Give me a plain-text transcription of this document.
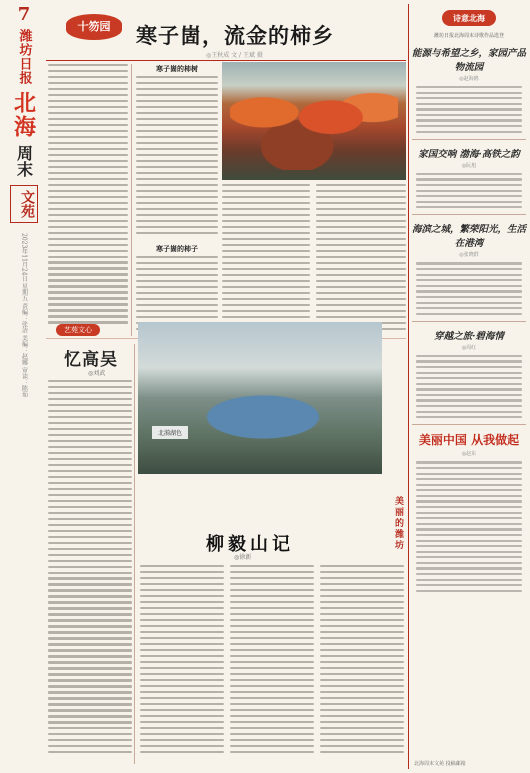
7
潍坊日报
北海
周末
文苑
2023年11月24日 星期五 责编：张洁 美编：赵娜 审读：陈茹
十笏园	寒子崮，流金的柿乡
◎王秋成 文 / 王斌 摄
寒子崮的柿树
寒子崮的柿子
艺苑文心
忆高吴
◎刘武
北漪湖色
美丽的潍坊
柳毅山记
◎徐新
诗意北海
潍坊日报北海周末诗歌作品选登
能源与希望之乡，家园产品物流园
◎赵海鸥
家国交响 渤海·高铁之韵
◎阮旭
海滨之城，繁荣阳光，生活在港湾
◎张晓群
穿越之旅·碧海情
◎周红
美丽中国 从我做起
◎赵东
北海周末文苑 投稿邮箱
